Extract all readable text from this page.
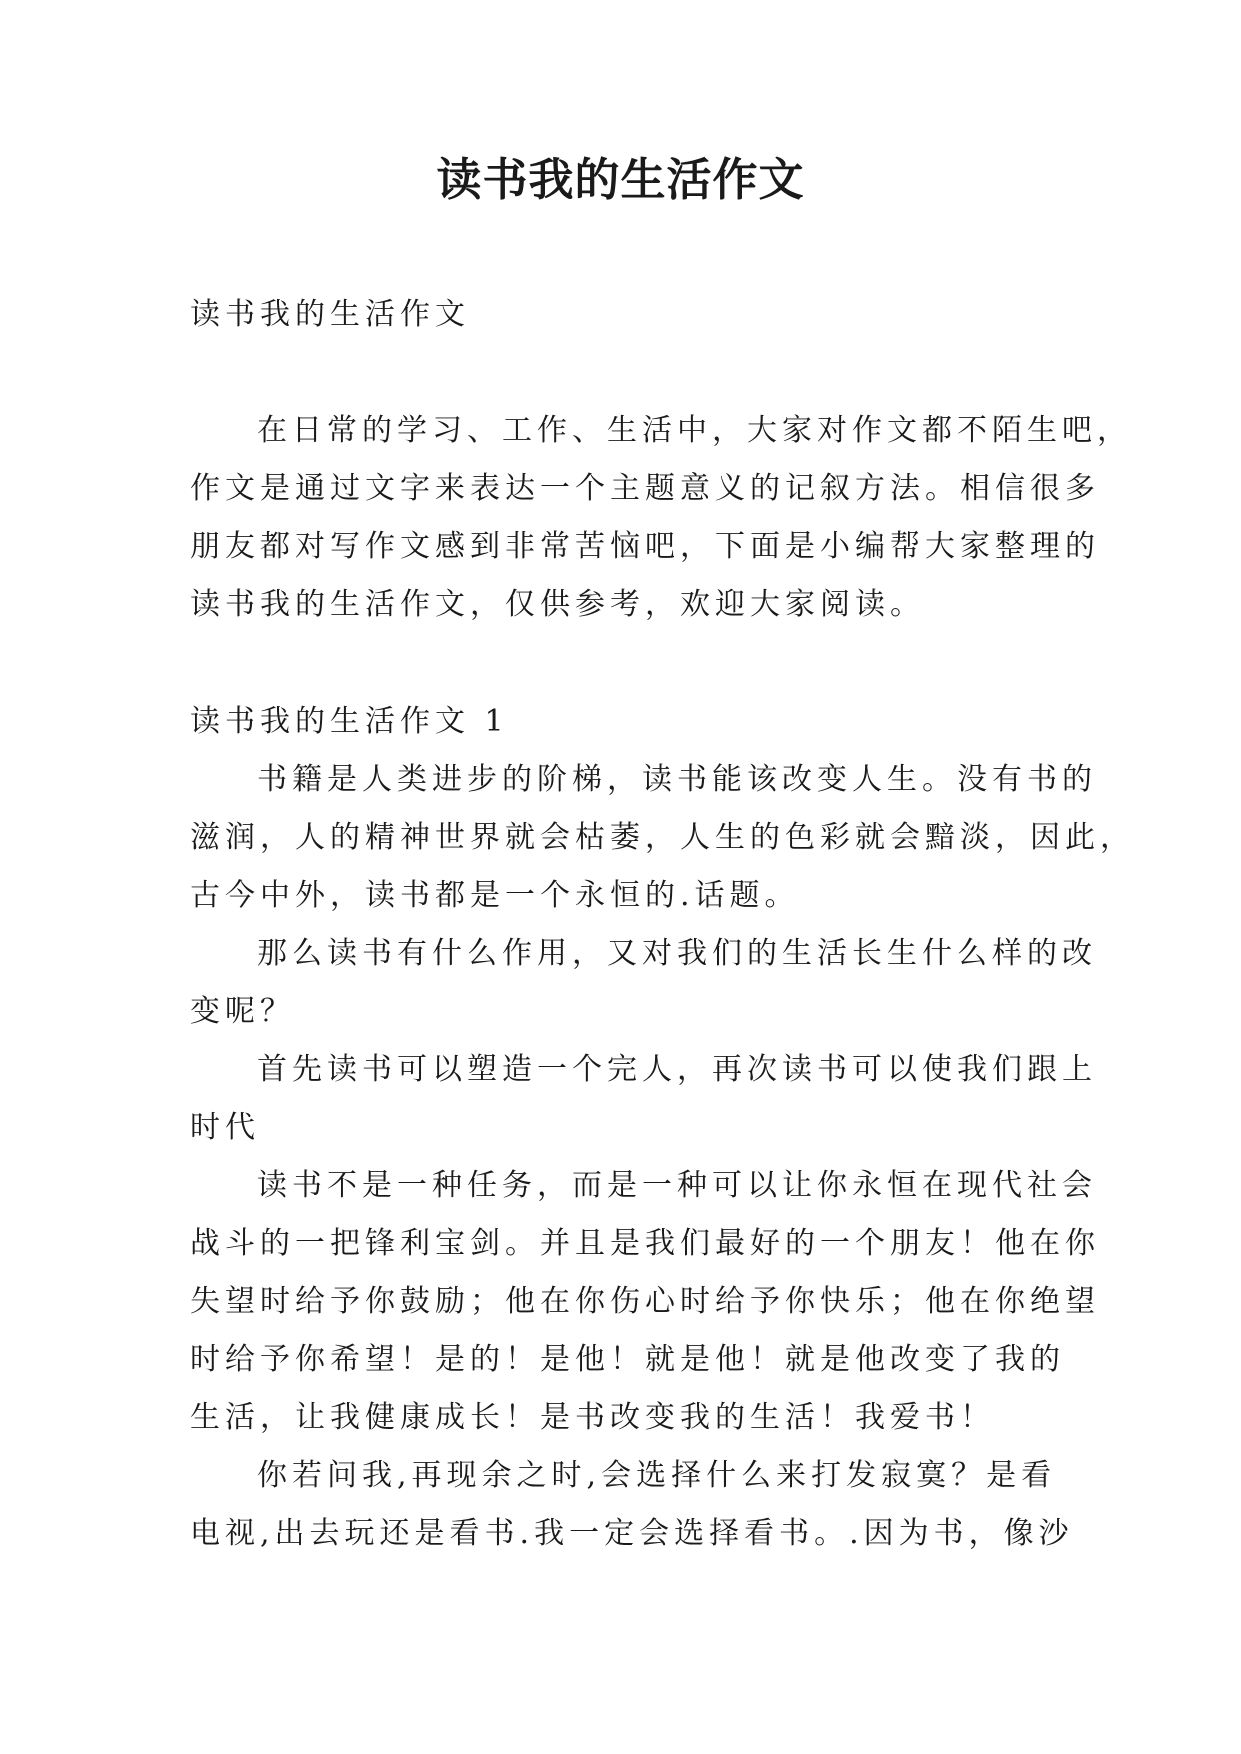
读书我的生活作文
读书我的生活作文
在日常的学习、工作、生活中，大家对作文都不陌生吧，
作文是通过文字来表达一个主题意义的记叙方法。相信很多
朋友都对写作文感到非常苦恼吧，下面是小编帮大家整理的
读书我的生活作文，仅供参考，欢迎大家阅读。
读书我的生活作文 1
书籍是人类进步的阶梯，读书能该改变人生。没有书的
滋润，人的精神世界就会枯萎，人生的色彩就会黯淡，因此，
古今中外，读书都是一个永恒的.话题。
那么读书有什么作用，又对我们的生活长生什么样的改
变呢？
首先读书可以塑造一个完人，再次读书可以使我们跟上
时代
读书不是一种任务，而是一种可以让你永恒在现代社会
战斗的一把锋利宝剑。并且是我们最好的一个朋友！他在你
失望时给予你鼓励；他在你伤心时给予你快乐；他在你绝望
时给予你希望！是的！是他！就是他！就是他改变了我的
生活，让我健康成长！是书改变我的生活！我爱书！
你若问我,再现余之时,会选择什么来打发寂寞？是看
电视,出去玩还是看书.我一定会选择看书。.因为书，像沙
